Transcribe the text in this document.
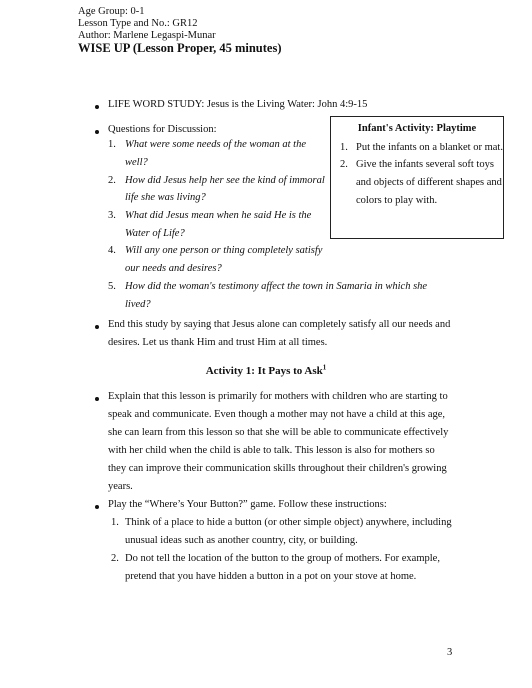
Age Group: 0-1
Lesson Type and No.: GR12
Author: Marlene Legaspi-Munar
WISE UP (Lesson Proper, 45 minutes)
LIFE WORD STUDY: Jesus is the Living Water: John 4:9-15
Questions for Discussion:
1. What were some needs of the woman at the
well?
2. How did Jesus help her see the kind of immoral
life she was living?
3. What did Jesus mean when he said He is the
Water of Life?
4. Will any one person or thing completely satisfy
our needs and desires?
5. How did the woman's testimony affect the town in Samaria in which she
lived?
Infant's Activity: Playtime
1. Put the infants on a blanket or mat.
2. Give the infants several soft toys
and objects of different shapes and
colors to play with.
End this study by saying that Jesus alone can completely satisfy all our needs and
desires. Let us thank Him and trust Him at all times.
Activity 1: It Pays to Ask$^1$
Explain that this lesson is primarily for mothers with children who are starting to
speak and communicate. Even though a mother may not have a child at this age,
she can learn from this lesson so that she will be able to communicate effectively
with her child when the child is able to talk. This lesson is also for mothers so
they can improve their communication skills throughout their children's growing
years.
Play the “Where’s Your Button?” game. Follow these instructions:
1. Think of a place to hide a button (or other simple object) anywhere, including
unusual ideas such as another country, city, or building.
2. Do not tell the location of the button to the group of mothers. For example,
pretend that you have hidden a button in a pot on your stove at home.
3
